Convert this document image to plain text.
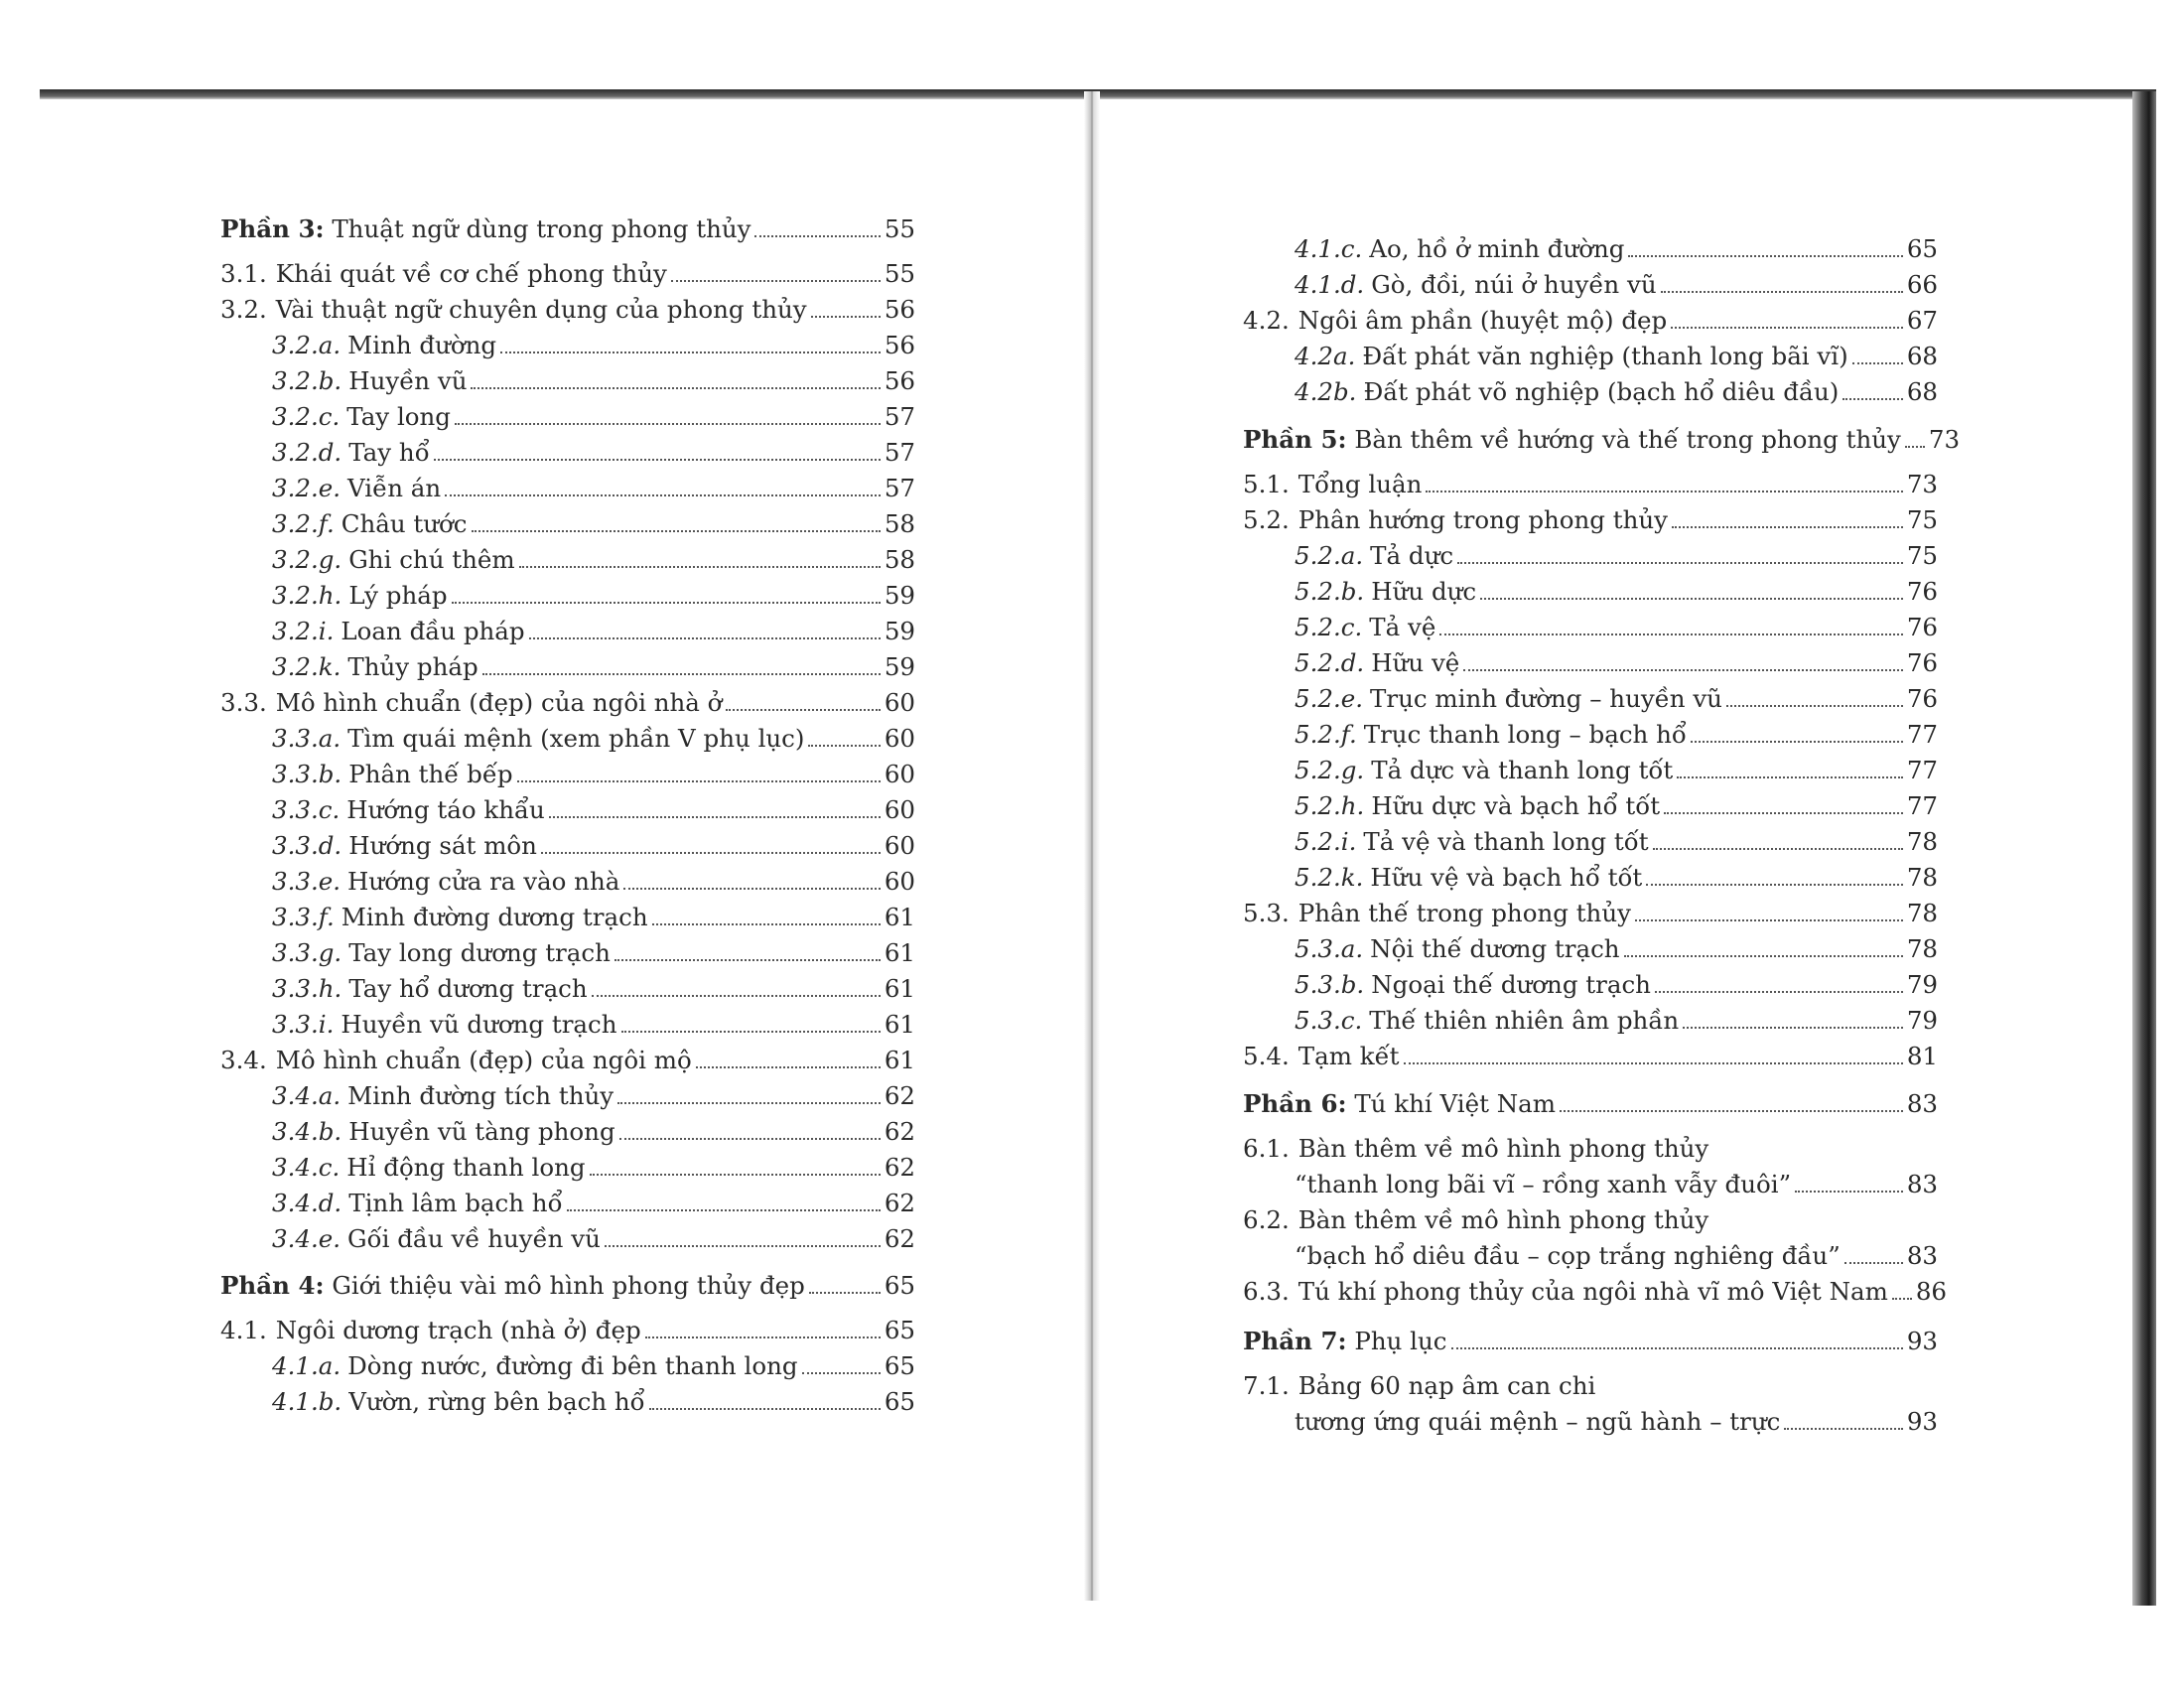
Phần 3: Thuật ngữ dùng trong phong thủy	55
3.1. Khái quát về cơ chế phong thủy	55
3.2. Vài thuật ngữ chuyên dụng của phong thủy	56
3.2.a. Minh đường	56
3.2.b. Huyền vũ	56
3.2.c. Tay long	57
3.2.d. Tay hổ	57
3.2.e. Viễn án	57
3.2.f. Châu tước	58
3.2.g. Ghi chú thêm	58
3.2.h. Lý pháp	59
3.2.i. Loan đầu pháp	59
3.2.k. Thủy pháp	59
3.3. Mô hình chuẩn (đẹp) của ngôi nhà ở	60
3.3.a. Tìm quái mệnh (xem phần V phụ lục)	60
3.3.b. Phân thế bếp	60
3.3.c. Hướng táo khẩu	60
3.3.d. Hướng sát môn	60
3.3.e. Hướng cửa ra vào nhà	60
3.3.f. Minh đường dương trạch	61
3.3.g. Tay long dương trạch	61
3.3.h. Tay hổ dương trạch	61
3.3.i. Huyền vũ dương trạch	61
3.4. Mô hình chuẩn (đẹp) của ngôi mộ	61
3.4.a. Minh đường tích thủy	62
3.4.b. Huyền vũ tàng phong	62
3.4.c. Hỉ động thanh long	62
3.4.d. Tịnh lâm bạch hổ	62
3.4.e. Gối đầu về huyền vũ	62
Phần 4: Giới thiệu vài mô hình phong thủy đẹp	65
4.1. Ngôi dương trạch (nhà ở) đẹp	65
4.1.a. Dòng nước, đường đi bên thanh long	65
4.1.b. Vườn, rừng bên bạch hổ	65
4.1.c. Ao, hồ ở minh đường	65
4.1.d. Gò, đồi, núi ở huyền vũ	66
4.2. Ngôi âm phần (huyệt mộ) đẹp	67
4.2a. Đất phát văn nghiệp (thanh long bãi vĩ) 68
4.2b. Đất phát võ nghiệp (bạch hổ diêu đầu)	68
Phần 5: Bàn thêm về hướng và thế trong phong thủy 73
5.1. Tổng luận	73
5.2. Phân hướng trong phong thủy	75
5.2.a. Tả dực	75
5.2.b. Hữu dực	76
5.2.c. Tả vệ	76
5.2.d. Hữu vệ	76
5.2.e. Trục minh đường – huyền vũ	76
5.2.f. Trục thanh long – bạch hổ	77
5.2.g. Tả dực và thanh long tốt	77
5.2.h. Hữu dực và bạch hổ tốt	77
5.2.i. Tả vệ và thanh long tốt	78
5.2.k. Hữu vệ và bạch hổ tốt	78
5.3. Phân thế trong phong thủy	78
5.3.a. Nội thế dương trạch	78
5.3.b. Ngoại thế dương trạch	79
5.3.c. Thế thiên nhiên âm phần	79
5.4. Tạm kết	81
Phần 6: Tú khí Việt Nam	83
6.1. Bàn thêm về mô hình phong thủy
“thanh long bãi vĩ – rồng xanh vẫy đuôi”	83
6.2. Bàn thêm về mô hình phong thủy
“bạch hổ diêu đầu – cọp trắng nghiêng đầu”	83
6.3. Tú khí phong thủy của ngôi nhà vĩ mô Việt Nam 86
Phần 7: Phụ lục	93
7.1. Bảng 60 nạp âm can chi
tương ứng quái mệnh – ngũ hành – trực	93
